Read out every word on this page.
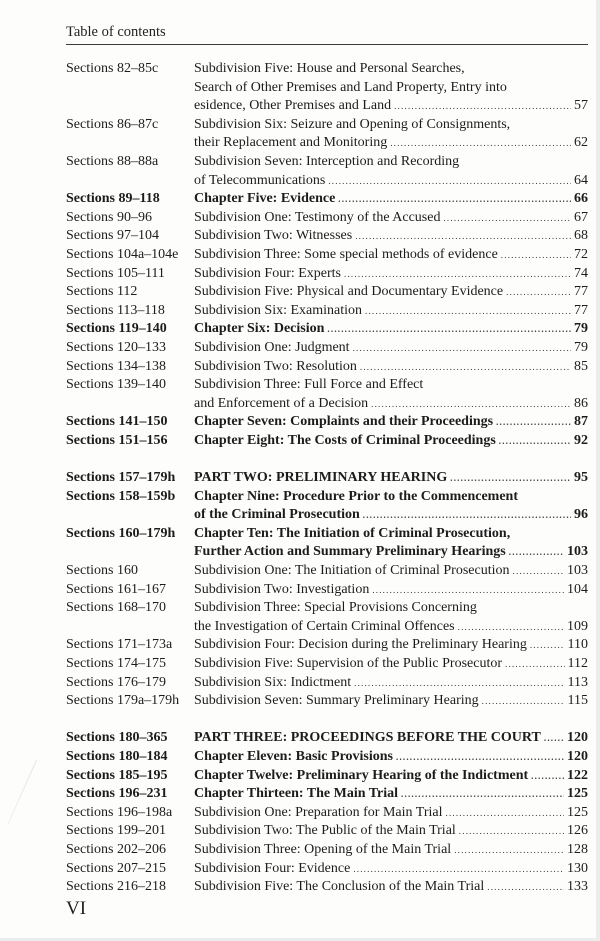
Table of contents
Sections 82–85c	Subdivision Five: House and Personal Searches,
Search of Other Premises and Land Property, Entry into
esidence, Other Premises and Land .....	57
Sections 86–87c	Subdivision Six: Seizure and Opening of Consignments,
their Replacement and Monitoring .....	62
Sections 88–88a	Subdivision Seven: Interception and Recording
of Telecommunications .....	64
Sections 89–118	Chapter Five: Evidence .....	66
Sections 90–96	Subdivision One: Testimony of the Accused .....	67
Sections 97–104	Subdivision Two: Witnesses .....	68
Sections 104a–104e	Subdivision Three: Some special methods of evidence .....	72
Sections 105–111	Subdivision Four: Experts .....	74
Sections 112	Subdivision Five: Physical and Documentary Evidence .....	77
Sections 113–118	Subdivision Six: Examination .....	77
Sections 119–140	Chapter Six: Decision .....	79
Sections 120–133	Subdivision One: Judgment .....	79
Sections 134–138	Subdivision Two: Resolution .....	85
Sections 139–140	Subdivision Three: Full Force and Effect
and Enforcement of a Decision .....	86
Sections 141–150	Chapter Seven: Complaints and their Proceedings .....	87
Sections 151–156	Chapter Eight: The Costs of Criminal Proceedings .....	92
Sections 157–179h	PART TWO: PRELIMINARY HEARING .....	95
Sections 158–159b	Chapter Nine: Procedure Prior to the Commencement
of the Criminal Prosecution .....	96
Sections 160–179h	Chapter Ten: The Initiation of Criminal Prosecution,
Further Action and Summary Preliminary Hearings .....	103
Sections 160	Subdivision One: The Initiation of Criminal Prosecution .....	103
Sections 161–167	Subdivision Two: Investigation .....	104
Sections 168–170	Subdivision Three: Special Provisions Concerning
the Investigation of Certain Criminal Offences .....	109
Sections 171–173a	Subdivision Four: Decision during the Preliminary Hearing .....	110
Sections 174–175	Subdivision Five: Supervision of the Public Prosecutor .....	112
Sections 176–179	Subdivision Six: Indictment .....	113
Sections 179a–179h	Subdivision Seven: Summary Preliminary Hearing .....	115
Sections 180–365	PART THREE: PROCEEDINGS BEFORE THE COURT ..... 120
Sections 180–184	Chapter Eleven: Basic Provisions .....	120
Sections 185–195	Chapter Twelve: Preliminary Hearing of the Indictment .....	122
Sections 196–231	Chapter Thirteen: The Main Trial .....	125
Sections 196–198a	Subdivision One: Preparation for Main Trial .....	125
Sections 199–201	Subdivision Two: The Public of the Main Trial .....	126
Sections 202–206	Subdivision Three: Opening of the Main Trial .....	128
Sections 207–215	Subdivision Four: Evidence .....	130
Sections 216–218	Subdivision Five: The Conclusion of the Main Trial .....	133
VI
